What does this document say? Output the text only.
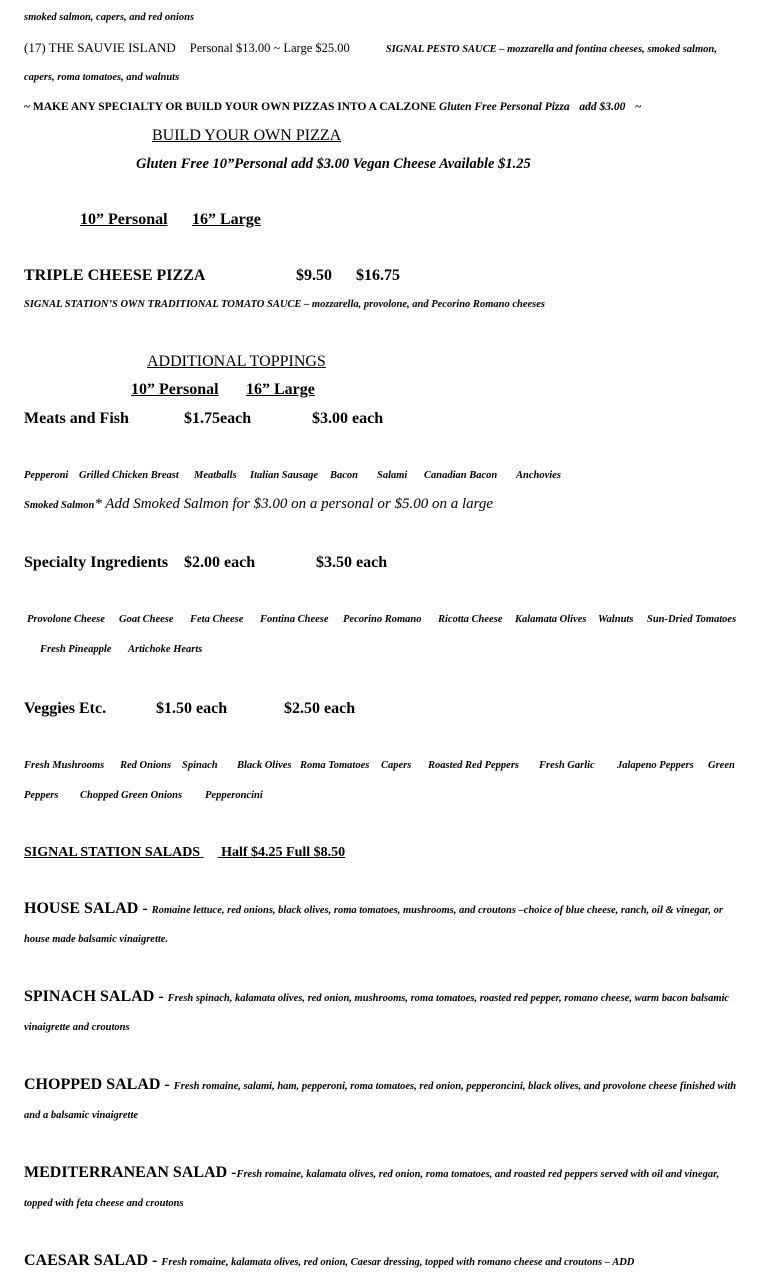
smoked salmon, capers, and red onions
(17) THE SAUVIE ISLAND Personal $13.00 ~ Large $25.00	SIGNAL PESTO SAUCE – mozzarella and fontina cheeses, smoked salmon,
capers, roma tomatoes, and walnuts
~ MAKE ANY SPECIALTY OR BUILD YOUR OWN PIZZAS INTO A CALZONE Gluten Free Personal Pizza add $3.00 ~
BUILD YOUR OWN PIZZA
Gluten Free 10”Personal add $3.00 Vegan Cheese Available $1.25
10” Personal 16” Large
TRIPLE CHEESE PIZZA	$9.50 $16.75
SIGNAL STATION’S OWN TRADITIONAL TOMATO SAUCE – mozzarella, provolone, and Pecorino Romano cheeses
ADDITIONAL TOPPINGS
10” Personal 16” Large
Meats and Fish	$1.75each	$3.00 each
Pepperoni Grilled Chicken Breast Meatballs Italian Sausage Bacon Salami Canadian Bacon Anchovies
Smoked Salmon* Add Smoked Salmon for $3.00 on a personal or $5.00 on a large
Specialty Ingredients $2.00 each	$3.50 each
Provolone Cheese Goat Cheese Feta Cheese Fontina Cheese Pecorino Romano Ricotta Cheese Kalamata Olives Walnuts Sun-Dried Tomatoes
Fresh Pineapple Artichoke Hearts
Veggies Etc.	$1.50 each	$2.50 each
Fresh Mushrooms Red Onions Spinach Black Olives Roma Tomatoes Capers Roasted Red Peppers Fresh Garlic Jalapeno Peppers Green
Peppers Chopped Green Onions Pepperoncini
SIGNAL STATION SALADS Half $4.25 Full $8.50
HOUSE SALAD - Romaine lettuce, red onions, black olives, roma tomatoes, mushrooms, and croutons –choice of blue cheese, ranch, oil & vinegar, or
house made balsamic vinaigrette.
SPINACH SALAD - Fresh spinach, kalamata olives, red onion, mushrooms, roma tomatoes, roasted red pepper, romano cheese, warm bacon balsamic
vinaigrette and croutons
CHOPPED SALAD - Fresh romaine, salami, ham, pepperoni, roma tomatoes, red onion, pepperoncini, black olives, and provolone cheese finished with
and a balsamic vinaigrette
MEDITERRANEAN SALAD -Fresh romaine, kalamata olives, red onion, roma tomatoes, and roasted red peppers served with oil and vinegar,
topped with feta cheese and croutons
CAESAR SALAD - Fresh romaine, kalamata olives, red onion, Caesar dressing, topped with romano cheese and croutons – ADD
